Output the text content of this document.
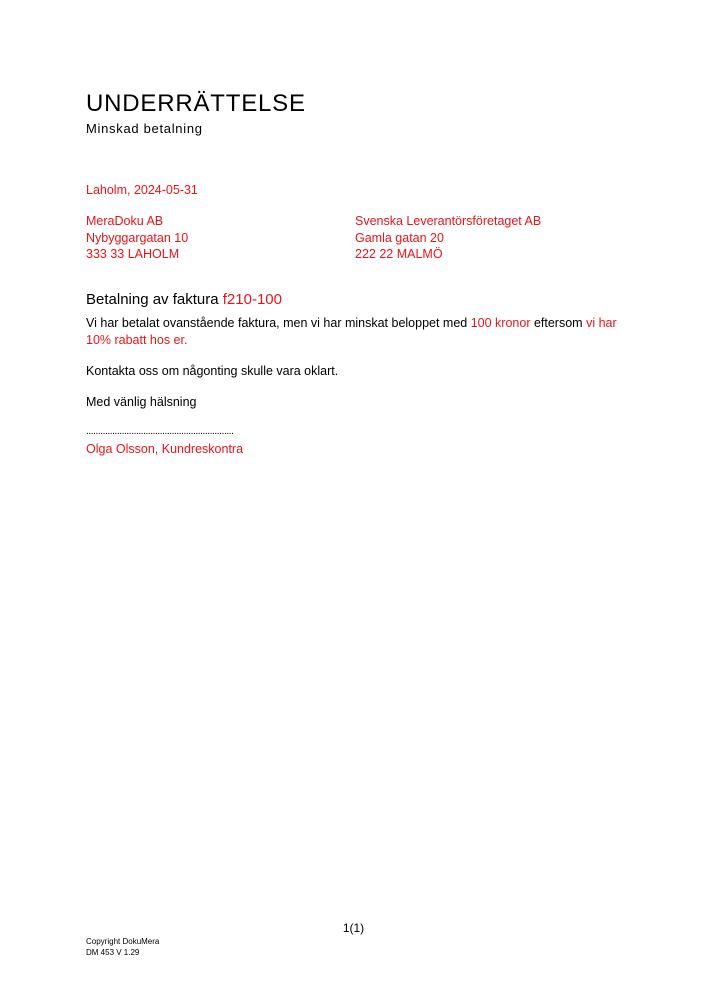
UNDERRÄTTELSE
Minskad betalning
Laholm, 2024-05-31
MeraDoku AB
Nybyggargatan 10
333 33 LAHOLM
Svenska Leverantörsföretaget AB
Gamla gatan 20
222 22 MALMÖ
Betalning av faktura f210-100
Vi har betalat ovanstående faktura, men vi har minskat beloppet med 100 kronor eftersom vi har 10% rabatt hos er.
Kontakta oss om någonting skulle vara oklart.
Med vänlig hälsning
..............................................................
Olga Olsson, Kundreskontra
1(1)
Copyright DokuMera
DM 453 V 1.29
